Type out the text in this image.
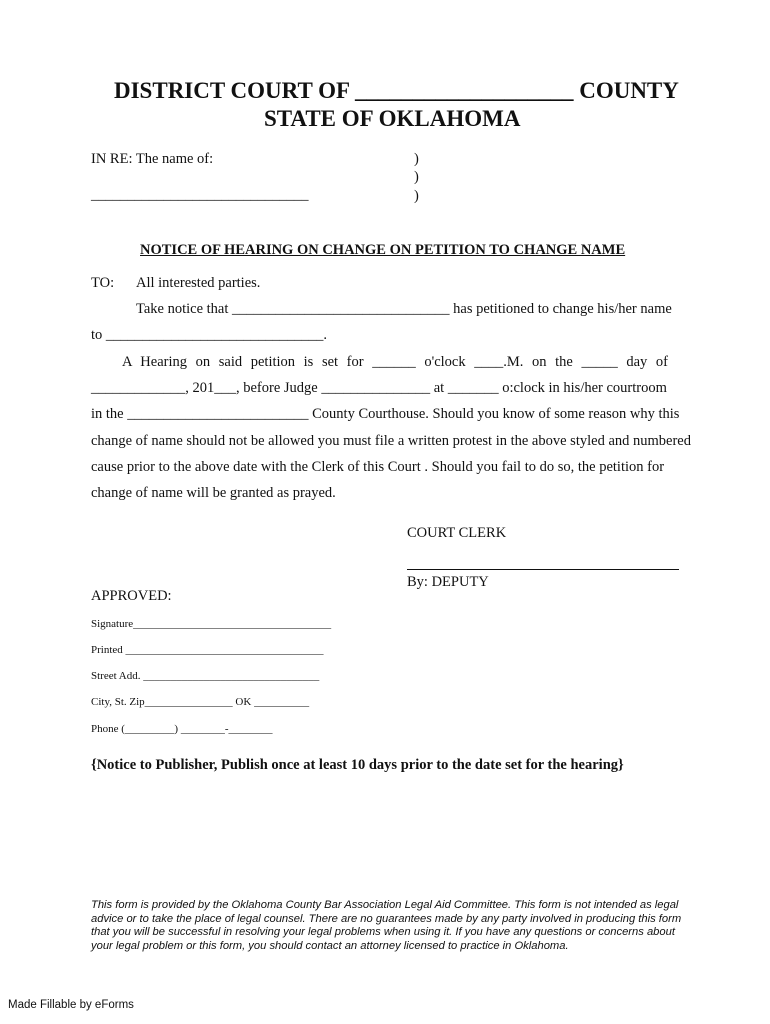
DISTRICT COURT OF ___________________ COUNTY
STATE OF OKLAHOMA
IN RE: The name of:	)
)
)
______________________________
NOTICE OF HEARING ON CHANGE ON PETITION TO CHANGE NAME
TO: All interested parties.
Take notice that ______________________________ has petitioned to change his/her name
to ______________________________.
A Hearing on said petition is set for ______ o'clock ____.M. on the _____ day of
_____________, 201___, before Judge _______________ at _______ o:clock in his/her courtroom
in the _________________________ County Courthouse. Should you know of some reason why this
change of name should not be allowed you must file a written protest in the above styled and numbered
cause prior to the above date with the Clerk of this Court . Should you fail to do so, the petition for
change of name will be granted as prayed.
COURT CLERK
By: DEPUTY
APPROVED:
Signature____________________________________
Printed ____________________________________
Street Add. ________________________________
City, St. Zip________________ OK __________
Phone (_________) ________-________
{Notice to Publisher, Publish once at least 10 days prior to the date set for the hearing}
This form is provided by the Oklahoma County Bar Association Legal Aid Committee. This form is not intended as legal advice or to take the place of legal counsel. There are no guarantees made by any party involved in producing this form that you will be successful in resolving your legal problems when using it. If you have any questions or concerns about your legal problem or this form, you should contact an attorney licensed to practice in Oklahoma.
Made Fillable by eForms
